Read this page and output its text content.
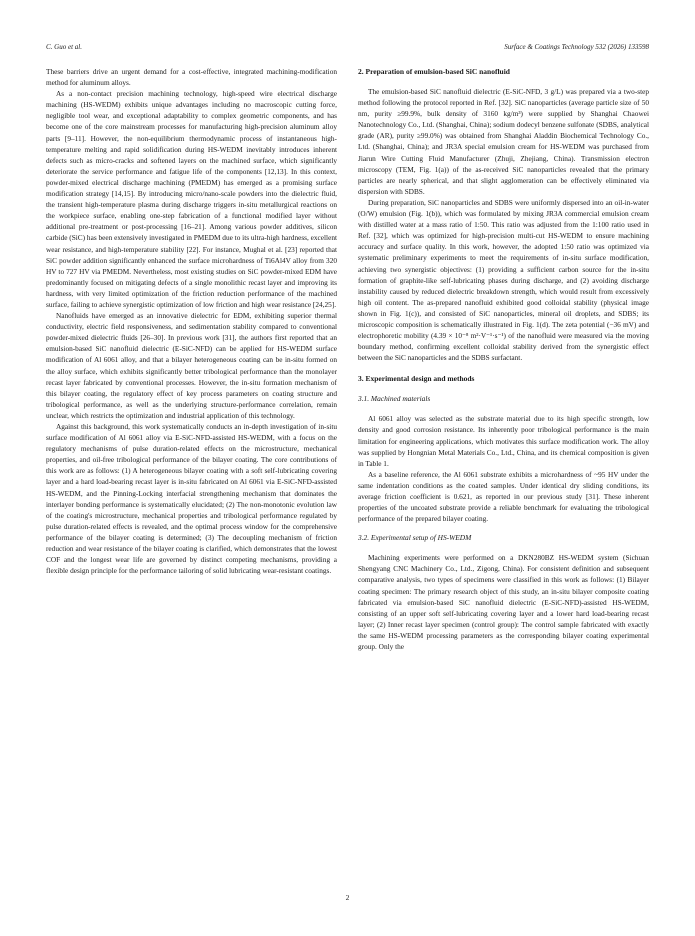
C. Guo et al.	Surface & Coatings Technology 532 (2026) 133598

These barriers drive an urgent demand for a cost-effective, integrated machining-modification method for aluminum alloys.

As a non-contact precision machining technology, high-speed wire electrical discharge machining (HS-WEDM) exhibits unique advantages including no macroscopic cutting force, negligible tool wear, and exceptional adaptability to complex geometric components, and has become one of the core mainstream processes for manufacturing high-precision aluminum alloy parts [9–11]. However, the non-equilibrium thermodynamic process of instantaneous high-temperature melting and rapid solidification during HS-WEDM inevitably introduces inherent defects such as micro-cracks and softened layers on the machined surface, which significantly deteriorate the service performance and fatigue life of the components [12,13]. In this context, powder-mixed electrical discharge machining (PMEDM) has emerged as a promising surface modification strategy [14,15]. By introducing micro/nano-scale powders into the dielectric fluid, the transient high-temperature plasma during discharge triggers in-situ metallurgical reactions on the workpiece surface, enabling one-step fabrication of a functional modified layer without additional pre-treatment or post-processing [16–21]. Among various powder additives, silicon carbide (SiC) has been extensively investigated in PMEDM due to its ultra-high hardness, excellent wear resistance, and high-temperature stability [22]. For instance, Mughal et al. [23] reported that SiC powder addition significantly enhanced the surface microhardness of Ti6Al4V alloy from 320 HV to 727 HV via PMEDM. Nevertheless, most existing studies on SiC powder-mixed EDM have predominantly focused on mitigating defects of a single monolithic recast layer and improving its hardness, with very limited optimization of the friction reduction performance of the machined surface, failing to achieve synergistic optimization of low friction and high wear resistance [24,25].

Nanofluids have emerged as an innovative dielectric for EDM, exhibiting superior thermal conductivity, electric field responsiveness, and sedimentation stability compared to conventional powder-mixed dielectric fluids [26–30]. In previous work [31], the authors first reported that an emulsion-based SiC nanofluid dielectric (E-SiC-NFD) can be applied for HS-WEDM surface modification of Al 6061 alloy, and that a bilayer heterogeneous coating can be in-situ formed on the alloy surface, which exhibits significantly better tribological performance than the monolayer recast layer fabricated by conventional processes. However, the in-situ formation mechanism of this bilayer coating, the regulatory effect of key process parameters on coating structure and tribological performance, as well as the underlying structure-performance correlation, remain unclear, which restricts the optimization and industrial application of this technology.

Against this background, this work systematically conducts an in-depth investigation of in-situ surface modification of Al 6061 alloy via E-SiC-NFD-assisted HS-WEDM, with a focus on the regulatory mechanisms of pulse duration-related effects on the microstructure, mechanical properties, and oil-free tribological performance of the bilayer coating. The core contributions of this work are as follows: (1) A heterogeneous bilayer coating with a soft self-lubricating covering layer and a hard load-bearing recast layer is in-situ fabricated on Al 6061 via E-SiC-NFD-assisted HS-WEDM, and the Pinning-Locking interfacial strengthening mechanism that dominates the interlayer bonding performance is systematically elucidated; (2) The non-monotonic evolution law of the coating's microstructure, mechanical properties and tribological performance regulated by pulse duration-related effects is revealed, and the optimal process window for the comprehensive performance of the bilayer coating is determined; (3) The decoupling mechanism of friction reduction and wear resistance of the bilayer coating is clarified, which demonstrates that the lowest COF and the longest wear life are governed by distinct competing mechanisms, providing a flexible design principle for the performance tailoring of solid lubricating wear-resistant coatings.

2. Preparation of emulsion-based SiC nanofluid

The emulsion-based SiC nanofluid dielectric (E-SiC-NFD, 3 g/L) was prepared via a two-step method following the protocol reported in Ref. [32]. SiC nanoparticles (average particle size of 50 nm, purity ≥99.9%, bulk density of 3160 kg/m³) were supplied by Shanghai Chaowei Nanotechnology Co., Ltd. (Shanghai, China); sodium dodecyl benzene sulfonate (SDBS, analytical grade (AR), purity ≥99.0%) was obtained from Shanghai Aladdin Biochemical Technology Co., Ltd. (Shanghai, China); and JR3A special emulsion cream for HS-WEDM was purchased from Jiarun Wire Cutting Fluid Manufacturer (Zhuji, Zhejiang, China). Transmission electron microscopy (TEM, Fig. 1(a)) of the as-received SiC nanoparticles revealed that the primary particles are nearly spherical, and that slight agglomeration can be effectively eliminated via dispersion with SDBS.

During preparation, SiC nanoparticles and SDBS were uniformly dispersed into an oil-in-water (O/W) emulsion (Fig. 1(b)), which was formulated by mixing JR3A commercial emulsion cream with distilled water at a mass ratio of 1:50. This ratio was adjusted from the 1:100 ratio used in Ref. [32], which was optimized for high-precision multi-cut HS-WEDM to ensure machining accuracy and surface quality. In this work, however, the adopted 1:50 ratio was optimized via systematic preliminary experiments to meet the requirements of in-situ surface modification, achieving two synergistic objectives: (1) providing a sufficient carbon source for the in-situ formation of graphite-like self-lubricating phases during discharge, and (2) avoiding discharge instability caused by reduced dielectric breakdown strength, which would result from excessively high oil content. The as-prepared nanofluid exhibited good colloidal stability (physical image shown in Fig. 1(c)), and consisted of SiC nanoparticles, mineral oil droplets, and SDBS; its microscopic composition is schematically illustrated in Fig. 1(d). The zeta potential (−36 mV) and electrophoretic mobility (4.39 × 10⁻⁸ m²·V⁻¹·s⁻¹) of the nanofluid were measured via the moving boundary method, confirming excellent colloidal stability derived from the synergistic effect between the SiC nanoparticles and the SDBS surfactant.

3. Experimental design and methods
3.1. Machined materials

Al 6061 alloy was selected as the substrate material due to its high specific strength, low density and good corrosion resistance. Its inherently poor tribological performance is the main limitation for engineering applications, which motivates this surface modification work. The alloy was supplied by Hongnian Metal Materials Co., Ltd., China, and its chemical composition is given in Table 1.

As a baseline reference, the Al 6061 substrate exhibits a microhardness of ~95 HV under the same indentation conditions as the coated samples. Under identical dry sliding conditions, its average friction coefficient is 0.621, as reported in our previous study [31]. These inherent properties of the uncoated substrate provide a reliable benchmark for evaluating the tribological performance of the prepared bilayer coating.

3.2. Experimental setup of HS-WEDM

Machining experiments were performed on a DKN280BZ HS-WEDM system (Sichuan Shengyang CNC Machinery Co., Ltd., Zigong, China). For consistent definition and subsequent comparative analysis, two types of specimens were classified in this work as follows: (1) Bilayer coating specimen: The primary research object of this study, an in-situ bilayer composite coating fabricated via emulsion-based SiC nanofluid dielectric (E-SiC-NFD)-assisted HS-WEDM, consisting of an upper soft self-lubricating covering layer and a lower hard load-bearing recast layer; (2) Inner recast layer specimen (control group): The control sample fabricated with exactly the same HS-WEDM processing parameters as the corresponding bilayer coating experimental group. Only the

2
